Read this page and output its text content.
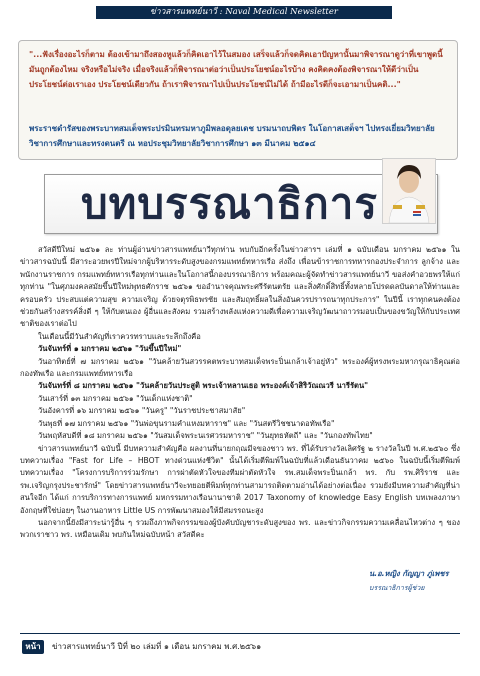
ข่าวสารแพทย์นาวี : Naval Medical Newsletter
"...ฟังเรื่องอะไรก็ตาม ต้องเข้ามาถึงสองหูแล้วก็คิดเอาไว้ในสมอง เสร็จแล้วก็จดคิดเอาปัญหานั้นมาพิจารณาดูว่าที่เขาพูดนี้มันถูกต้องไหม จริงหรือไม่จริง เมื่อจริงแล้วก็พิจารณาต่อว่าเป็นประโยชน์อะไรบ้าง คงคิดคงต้องพิจารณาให้ดีว่าเป็นประโยชน์ต่อเราเอง ประโยชน์เดียวกัน ถ้าเราพิจารณาไปเป็นประโยชน์ไม่ได้ ถ้ามีอะไรดีก็จะเอามาเป็นคติ..."
พระราชดำรัสของพระบาทสมเด็จพระปรมินทรมหาภูมิพลอดุลยเดช บรมนาถบพิตร ในโอกาสเสด็จฯ ไปทรงเยี่ยมวิทยาลัยวิชาการศึกษาและทรงดนตรี ณ หอประชุมวิทยาลัยวิชาการศึกษา ๑๓ มีนาคม ๒๕๑๔
บทบรรณาธิการ

สวัสดีปีใหม่ ๒๕๖๑ ละ ท่านผู้อ่านข่าวสารแพทย์นาวีทุกท่าน พบกับอีกครั้งในข่าวสารฯ เล่มที่ ๑ ฉบับเดือน มกราคม ๒๕๖๑ ในข่าวสารฉบับนี้ มีสาระอวยพรปีใหม่จากผู้บริหารระดับสูงของกรมแพทย์ทหารเรือ ส่งถึง เพื่อนข้าราชการทหารกองประจำการ ลูกจ้าง และพนักงานราชการ กรมแพทย์ทหารเรือทุกท่านและในโอกาสนี้กองบรรณาธิการ พร้อมคณะผู้จัดทำข่าวสารแพทย์นาวี ขอส่งคำอวยพรให้แก่ทุกท่าน "ในศุภมงคลสมัยขึ้นปีใหม่พุทธศักราช ๒๕๖๑ ขออำนาจคุณพระศรีรัตนตรัย และสิ่งศักดิ์สิทธิ์ทั้งหลายโปรดดลบันดาลให้ท่านและครอบครัว ประสบแต่ความสุข ความเจริญ ด้วยจตุรพิธพรชัย และสัมฤทธิ์ผลในสิ่งอันควรปรารถนาทุกประการ" ในปีนี้ เราทุกคนคงต้องช่วยกันสร้างสรรค์สิ่งดี ๆ ให้กับตนเอง ผู้อื่นและสังคม รวมสร้างพลังแห่งความดีเพื่อความเจริญวัฒนาถาวรมอบเป็นของขวัญให้กับประเทศชาติของเราต่อไป

ในเดือนนี้มีวันสำคัญที่เราควรทราบและระลึกถึงคือ

วันจันทร์ที่ ๑ มกราคม ๒๕๖๑ "วันขึ้นปีใหม่"

วันอาทิตย์ที่ ๗ มกราคม ๒๕๖๑ "วันคล้ายวันสวรรคตพระบาทสมเด็จพระปิ่นเกล้าเจ้าอยู่หัว" พระองค์ผู้ทรงพระมหากรุณาธิคุณต่อกองทัพเรือ และกรมแพทย์ทหารเรือ

วันจันทร์ที่ ๘ มกราคม ๒๕๖๑ "วันคล้ายวันประสูติ พระเจ้าหลานเธอ พระองค์เจ้าสิริวัณณวรี นารีรัตน"

วันเสาร์ที่ ๑๓ มกราคม ๒๕๖๑ "วันเด็กแห่งชาติ"

วันอังคารที่ ๑๖ มกราคม ๒๕๖๑ "วันครู" "วันราชประชาสมาสัย"

วันพุธที่ ๑๗ มกราคม ๒๕๖๑ "วันพ่อขุนรามคำแหงมหาราช" และ "วันสตรีวิชชนาดอทัพเรือ"

วันพฤหัสบดีที่ ๑๘ มกราคม ๒๕๖๑ "วันสมเด็จพระนเรศวรมหาราช" "วันยุทธหัตถี" และ "วันกองทัพไทย"

ข่าวสารแพทย์นาวี ฉบับนี้ มีบทความสำคัญคือ ผลงานที่นายกฤณมีจของชาว พร. ที่ได้รับรางวัลเลิศรัฐ ๒ รางวัลในปี พ.ศ.๒๕๖๐ ซึ่งบทความเรื่อง "Fast for Life – HBOT ทางด่วนแห่งชีวิต" นั้นได้เริ่มตีพิมพ์ในฉบับที่แล้วเดือนธันวาคม ๒๕๖๐ ในฉบับนี้เริ่มตีพิมพ์บทความเรื่อง "โครงการบริการร่วมรักษา การผ่าตัดหัวใจของทีมผ่าตัดหัวใจ รพ.สมเด็จพระปิ่นเกล้า พร. กับ รพ.ศิริราช และ รพ.เจริญกรุงประชารักษ์" โดยข่าวสารแพทย์นาวีจะทยอยตีพิมพ์ทุกท่านสามารถติดตามอ่านได้อย่างต่อเนื่อง รวมยังมีบทความสำคัญที่น่าสนใจอีก ได้แก่ การบริการทางการแพทย์ มหกรรมทางเรือนานาชาติ 2017 Taxonomy of knowledge Easy English บทเพลงภาษาอังกฤษที่ใช่บ่อยๆ ในงานอาหาร Little US การพัฒนาสมองให้มีสมรรถนะสูง

นอกจากนี้ยังมีสาระน่ารู้อื่น ๆ รวมถึงภาพกิจกรรมของผู้บังคับบัญชาระดับสูงของ พร. และข่าวกิจกรรมความเคลื่อนไหวต่าง ๆ ของพวกเราชาว พร. เหมือนเดิม พบกันใหม่ฉบับหน้า สวัสดีคะ

น.อ.หญิง กัญญา ภู่เพชร
บรรณาธิการผู้ช่วย
หน้า ๑
ข่าวสารแพทย์นาวี ปีที่ ๒๐ เล่มที่ ๑ เดือน มกราคม พ.ศ.๒๕๖๑
